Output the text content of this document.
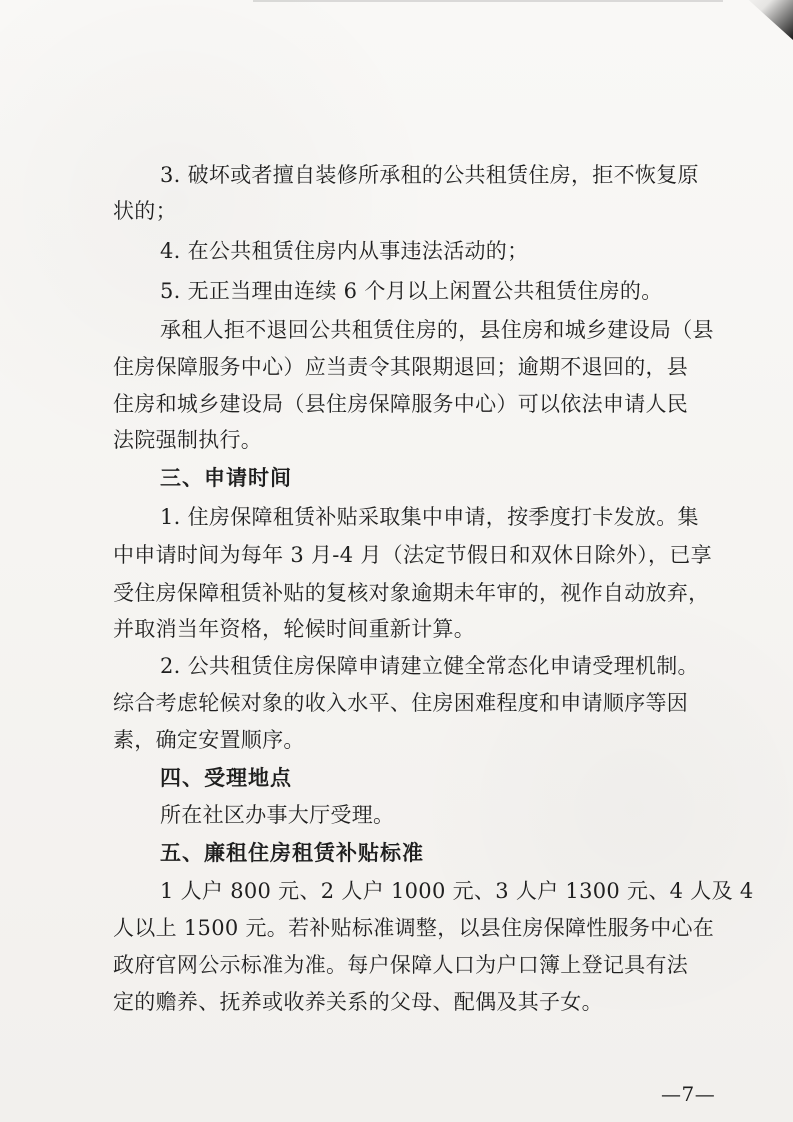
3. 破坏或者擅自装修所承租的公共租赁住房，拒不恢复原
状的；
4. 在公共租赁住房内从事违法活动的；
5. 无正当理由连续 6 个月以上闲置公共租赁住房的。
承租人拒不退回公共租赁住房的，县住房和城乡建设局（县
住房保障服务中心）应当责令其限期退回；逾期不退回的，县
住房和城乡建设局（县住房保障服务中心）可以依法申请人民
法院强制执行。
三、申请时间
1. 住房保障租赁补贴采取集中申请，按季度打卡发放。集
中申请时间为每年 3 月-4 月（法定节假日和双休日除外），已享
受住房保障租赁补贴的复核对象逾期未年审的，视作自动放弃，
并取消当年资格，轮候时间重新计算。
2. 公共租赁住房保障申请建立健全常态化申请受理机制。
综合考虑轮候对象的收入水平、住房困难程度和申请顺序等因
素，确定安置顺序。
四、受理地点
所在社区办事大厅受理。
五、廉租住房租赁补贴标准
1 人户 800 元、2 人户 1000 元、3 人户 1300 元、4 人及 4
人以上 1500 元。若补贴标准调整，以县住房保障性服务中心在
政府官网公示标准为准。每户保障人口为户口簿上登记具有法
定的赡养、抚养或收养关系的父母、配偶及其子女。
—7—
